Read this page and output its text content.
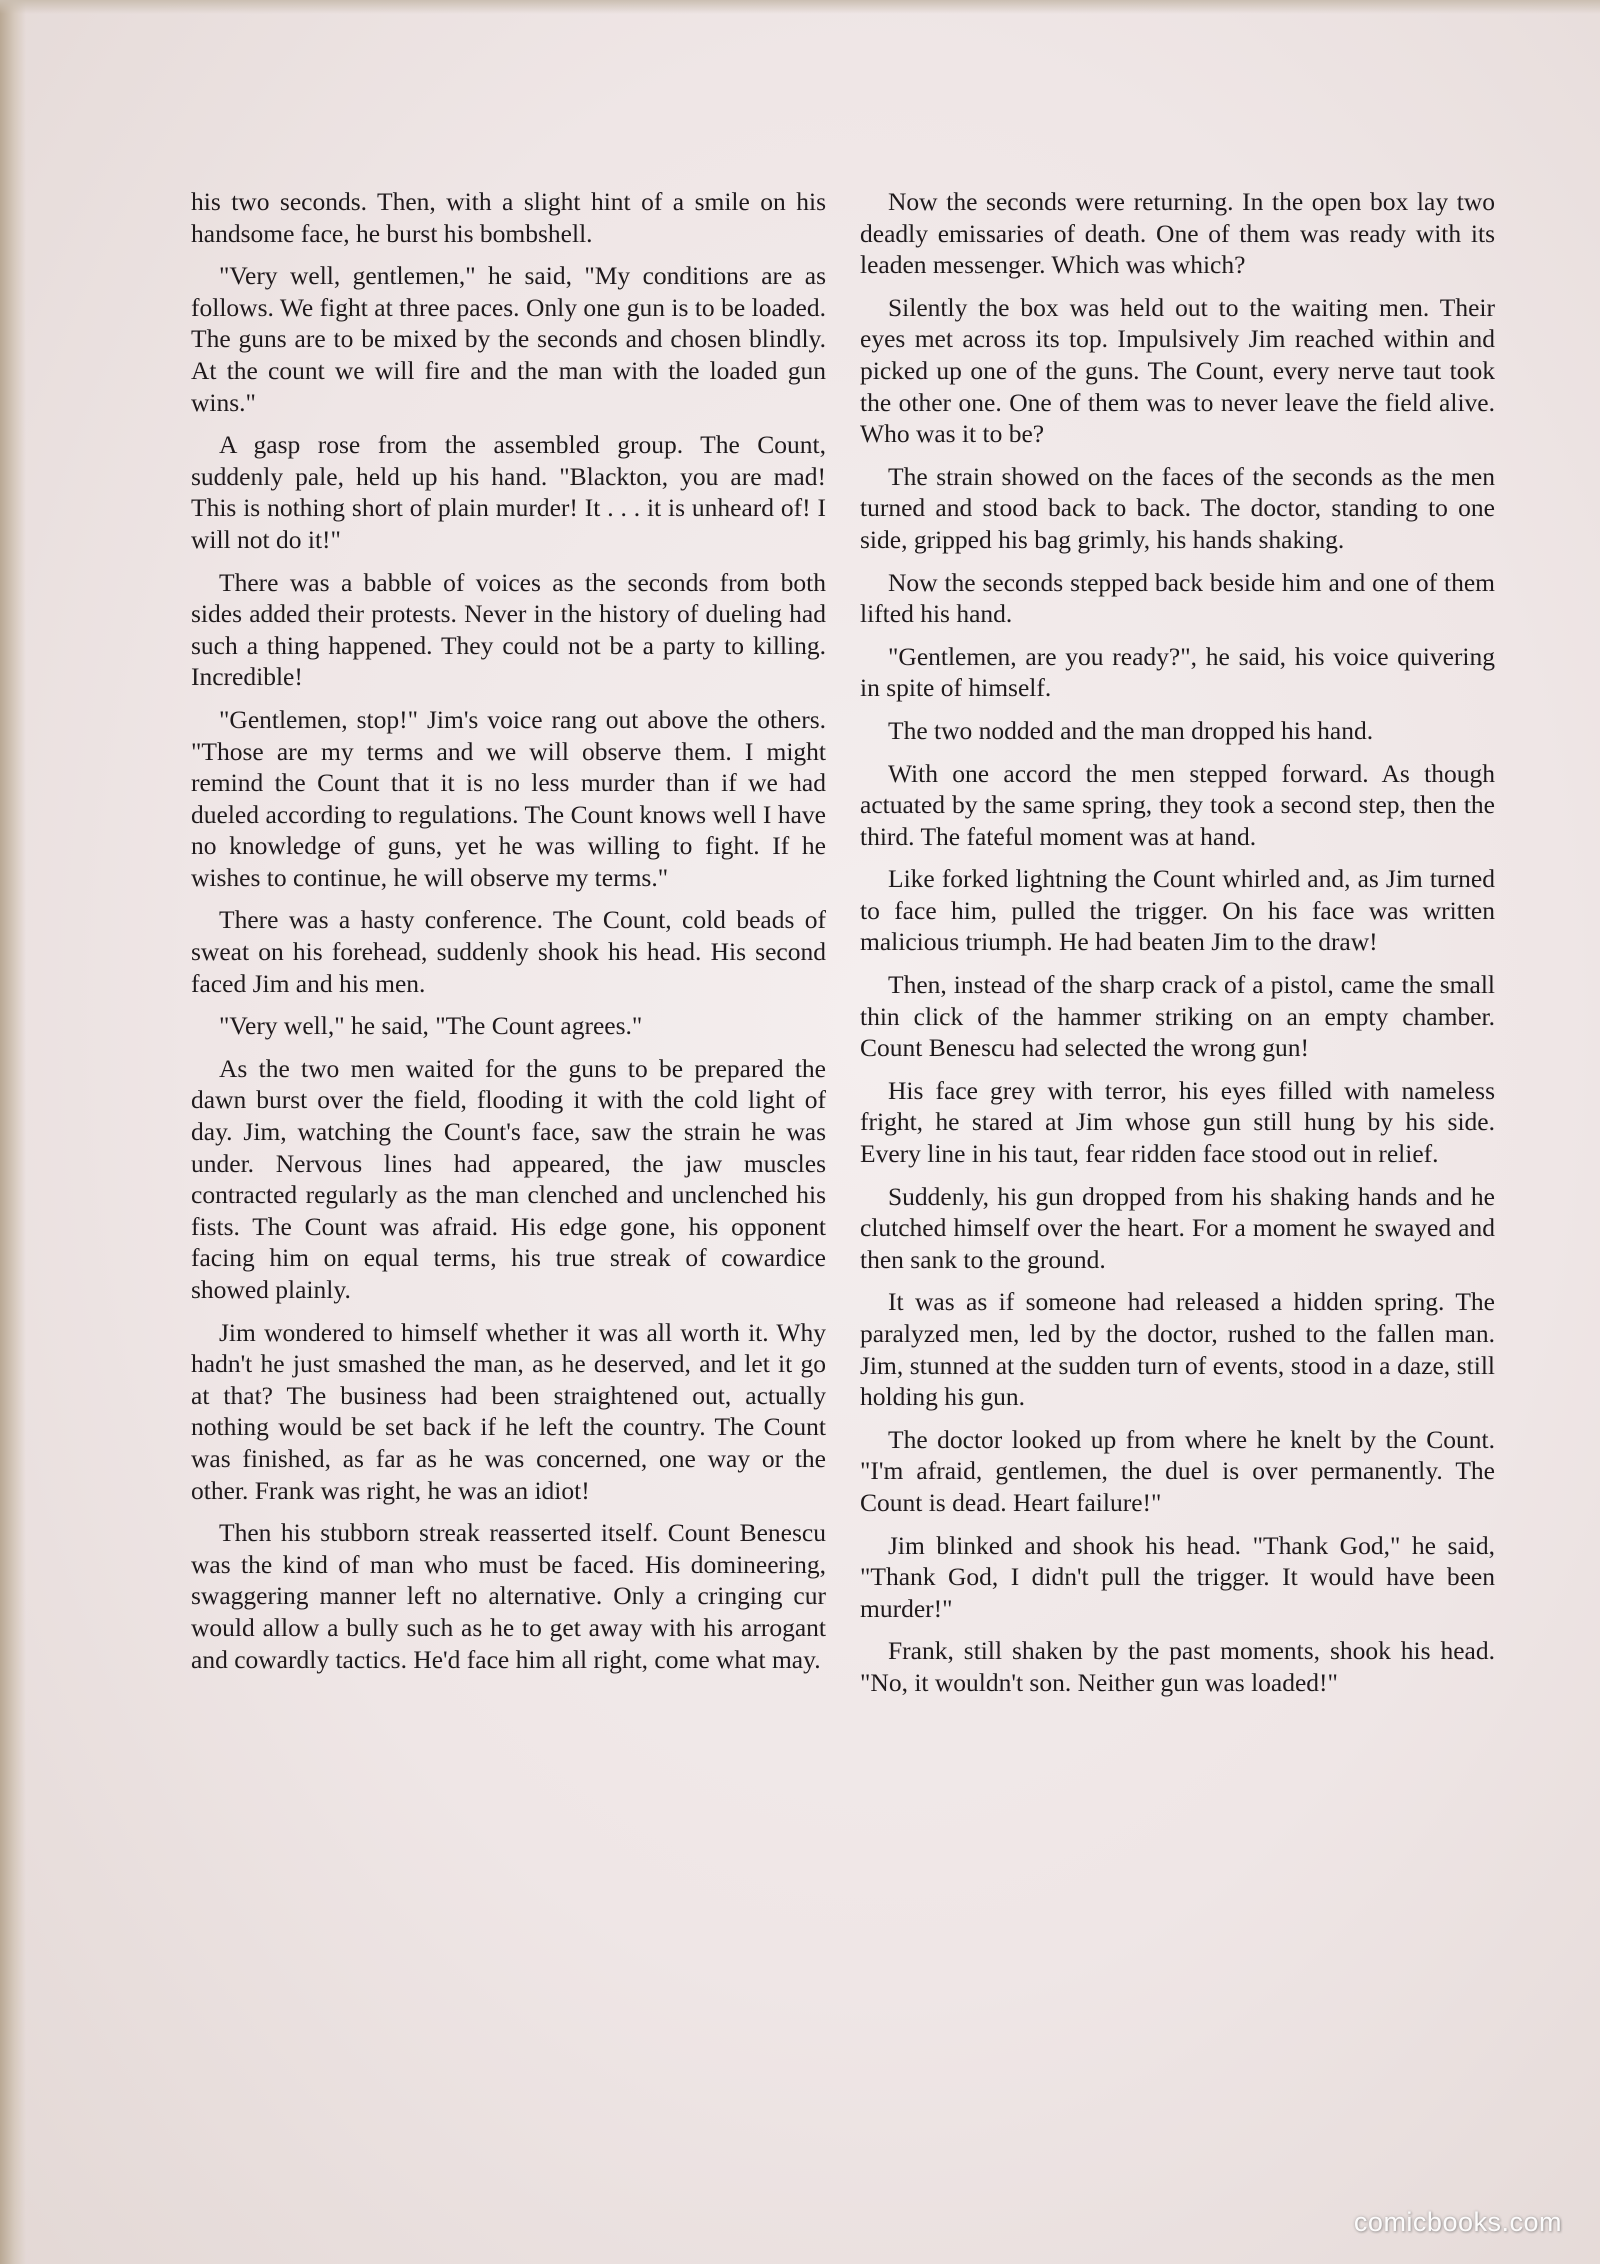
his two seconds. Then, with a slight hint of a smile on his handsome face, he burst his bombshell.

"Very well, gentlemen," he said, "My conditions are as follows. We fight at three paces. Only one gun is to be loaded. The guns are to be mixed by the seconds and chosen blindly. At the count we will fire and the man with the loaded gun wins."

A gasp rose from the assembled group. The Count, suddenly pale, held up his hand. "Blackton, you are mad! This is nothing short of plain murder! It . . . it is unheard of! I will not do it!"

There was a babble of voices as the seconds from both sides added their protests. Never in the history of dueling had such a thing happened. They could not be a party to killing. Incredible!

"Gentlemen, stop!" Jim's voice rang out above the others. "Those are my terms and we will observe them. I might remind the Count that it is no less murder than if we had dueled according to regulations. The Count knows well I have no knowledge of guns, yet he was willing to fight. If he wishes to continue, he will observe my terms."

There was a hasty conference. The Count, cold beads of sweat on his forehead, suddenly shook his head. His second faced Jim and his men.

"Very well," he said, "The Count agrees."

As the two men waited for the guns to be prepared the dawn burst over the field, flooding it with the cold light of day. Jim, watching the Count's face, saw the strain he was under. Nervous lines had appeared, the jaw muscles contracted regularly as the man clenched and unclenched his fists. The Count was afraid. His edge gone, his opponent facing him on equal terms, his true streak of cowardice showed plainly.

Jim wondered to himself whether it was all worth it. Why hadn't he just smashed the man, as he deserved, and let it go at that? The business had been straightened out, actually nothing would be set back if he left the country. The Count was finished, as far as he was concerned, one way or the other. Frank was right, he was an idiot!

Then his stubborn streak reasserted itself. Count Benescu was the kind of man who must be faced. His domineering, swaggering manner left no alternative. Only a cringing cur would allow a bully such as he to get away with his arrogant and cowardly tactics. He'd face him all right, come what may.

Now the seconds were returning. In the open box lay two deadly emissaries of death. One of them was ready with its leaden messenger. Which was which?

Silently the box was held out to the waiting men. Their eyes met across its top. Impulsively Jim reached within and picked up one of the guns. The Count, every nerve taut took the other one. One of them was to never leave the field alive. Who was it to be?

The strain showed on the faces of the seconds as the men turned and stood back to back. The doctor, standing to one side, gripped his bag grimly, his hands shaking.

Now the seconds stepped back beside him and one of them lifted his hand.

"Gentlemen, are you ready?", he said, his voice quivering in spite of himself.

The two nodded and the man dropped his hand.

With one accord the men stepped forward. As though actuated by the same spring, they took a second step, then the third. The fateful moment was at hand.

Like forked lightning the Count whirled and, as Jim turned to face him, pulled the trigger. On his face was written malicious triumph. He had beaten Jim to the draw!

Then, instead of the sharp crack of a pistol, came the small thin click of the hammer striking on an empty chamber. Count Benescu had selected the wrong gun!

His face grey with terror, his eyes filled with nameless fright, he stared at Jim whose gun still hung by his side. Every line in his taut, fear ridden face stood out in relief.

Suddenly, his gun dropped from his shaking hands and he clutched himself over the heart. For a moment he swayed and then sank to the ground.

It was as if someone had released a hidden spring. The paralyzed men, led by the doctor, rushed to the fallen man. Jim, stunned at the sudden turn of events, stood in a daze, still holding his gun.

The doctor looked up from where he knelt by the Count. "I'm afraid, gentlemen, the duel is over permanently. The Count is dead. Heart failure!"

Jim blinked and shook his head. "Thank God," he said, "Thank God, I didn't pull the trigger. It would have been murder!"

Frank, still shaken by the past moments, shook his head. "No, it wouldn't son. Neither gun was loaded!"

comicbooks.com
